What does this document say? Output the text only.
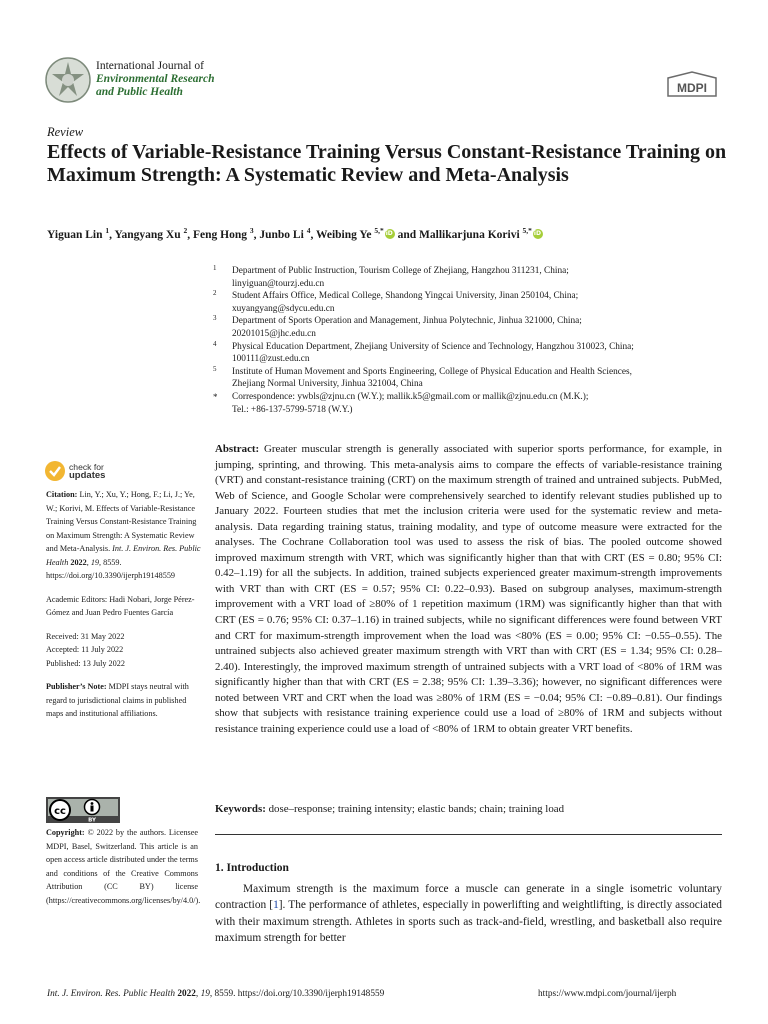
International Journal of
Environmental Research
and Public Health	MDPI
Review
Effects of Variable-Resistance Training Versus Constant-Resistance Training on Maximum Strength: A Systematic Review and Meta-Analysis
Yiguan Lin $^1$, Yangyang Xu $^2$, Feng Hong $^3$, Junbo Li $^4$, Weibing Ye $^{5,*}$iD and Mallikarjuna Korivi $^{5,*}$iD
1 Department of Public Instruction, Tourism College of Zhejiang, Hangzhou 311231, China;
linyiguan@tourzj.edu.cn
2 Student Affairs Office, Medical College, Shandong Yingcai University, Jinan 250104, China;
xuyangyang@sdycu.edu.cn
3 Department of Sports Operation and Management, Jinhua Polytechnic, Jinhua 321000, China;
20201015@jhc.edu.cn
4 Physical Education Department, Zhejiang University of Science and Technology, Hangzhou 310023, China;
100111@zust.edu.cn
5 Institute of Human Movement and Sports Engineering, College of Physical Education and Health Sciences,
Zhejiang Normal University, Jinhua 321004, China
* Correspondence: ywbls@zjnu.cn (W.Y.); mallik.k5@gmail.com or mallik@zjnu.edu.cn (M.K.);
Tel.: +86-137-5799-5718 (W.Y.)
check for
updates

Citation: Lin, Y.; Xu, Y.; Hong, F.; Li, J.; Ye, W.; Korivi, M. Effects of Variable-Resistance Training Versus Constant-Resistance Training on Maximum Strength: A Systematic Review and Meta-Analysis. Int. J. Environ. Res. Public Health 2022, 19, 8559. https://doi.org/10.3390/ijerph19148559

Academic Editors: Hadi Nobari, Jorge Pérez-Gómez and Juan Pedro Fuentes García

Received: 31 May 2022

Accepted: 11 July 2022

Published: 13 July 2022

Publisher’s Note: MDPI stays neutral with regard to jurisdictional claims in published maps and institutional affiliations.

cc
BY

Copyright: © 2022 by the authors. Licensee MDPI, Basel, Switzerland. This article is an open access article distributed under the terms and conditions of the Creative Commons Attribution (CC BY) license (https://creativecommons.org/licenses/by/4.0/).

Abstract: Greater muscular strength is generally associated with superior sports performance, for example, in jumping, sprinting, and throwing. This meta-analysis aims to compare the effects of variable-resistance training (VRT) and constant-resistance training (CRT) on the maximum strength of trained and untrained subjects. PubMed, Web of Science, and Google Scholar were comprehensively searched to identify relevant studies published up to January 2022. Fourteen studies that met the inclusion criteria were used for the systematic review and meta-analysis. Data regarding training status, training modality, and type of outcome measure were extracted for the analyses. The Cochrane Collaboration tool was used to assess the risk of bias. The pooled outcome showed improved maximum strength with VRT, which was significantly higher than that with CRT (ES = 0.80; 95% CI: 0.42–1.19) for all the subjects. In addition, trained subjects experienced greater maximum-strength improvements with VRT than with CRT (ES = 0.57; 95% CI: 0.22–0.93). Based on subgroup analyses, maximum-strength improvement with a VRT load of ≥80% of 1 repetition maximum (1RM) was significantly higher than that with CRT (ES = 0.76; 95% CI: 0.37–1.16) in trained subjects, while no significant differences were found between VRT and CRT for maximum-strength improvement when the load was <80% (ES = 0.00; 95% CI: −0.55–0.55). The untrained subjects also achieved greater maximum strength with VRT than with CRT (ES = 1.34; 95% CI: 0.28–2.40). Interestingly, the improved maximum strength of untrained subjects with a VRT load of <80% of 1RM was significantly higher than that with CRT (ES = 2.38; 95% CI: 1.39–3.36); however, no significant differences were noted between VRT and CRT when the load was ≥80% of 1RM (ES = −0.04; 95% CI: −0.89–0.81). Our findings show that subjects with resistance training experience could use a load of ≥80% of 1RM and subjects without resistance training experience could use a load of <80% of 1RM to obtain greater VRT benefits.

Keywords: dose–response; training intensity; elastic bands; chain; training load
1. Introduction

Maximum strength is the maximum force a muscle can generate in a single isometric voluntary contraction [1]. The performance of athletes, especially in powerlifting and weightlifting, is directly associated with their maximum strength. Athletes in sports such as track-and-field, wrestling, and basketball also require maximum strength for better

Int. J. Environ. Res. Public Health 2022, 19, 8559. https://doi.org/10.3390/ijerph19148559	https://www.mdpi.com/journal/ijerph
